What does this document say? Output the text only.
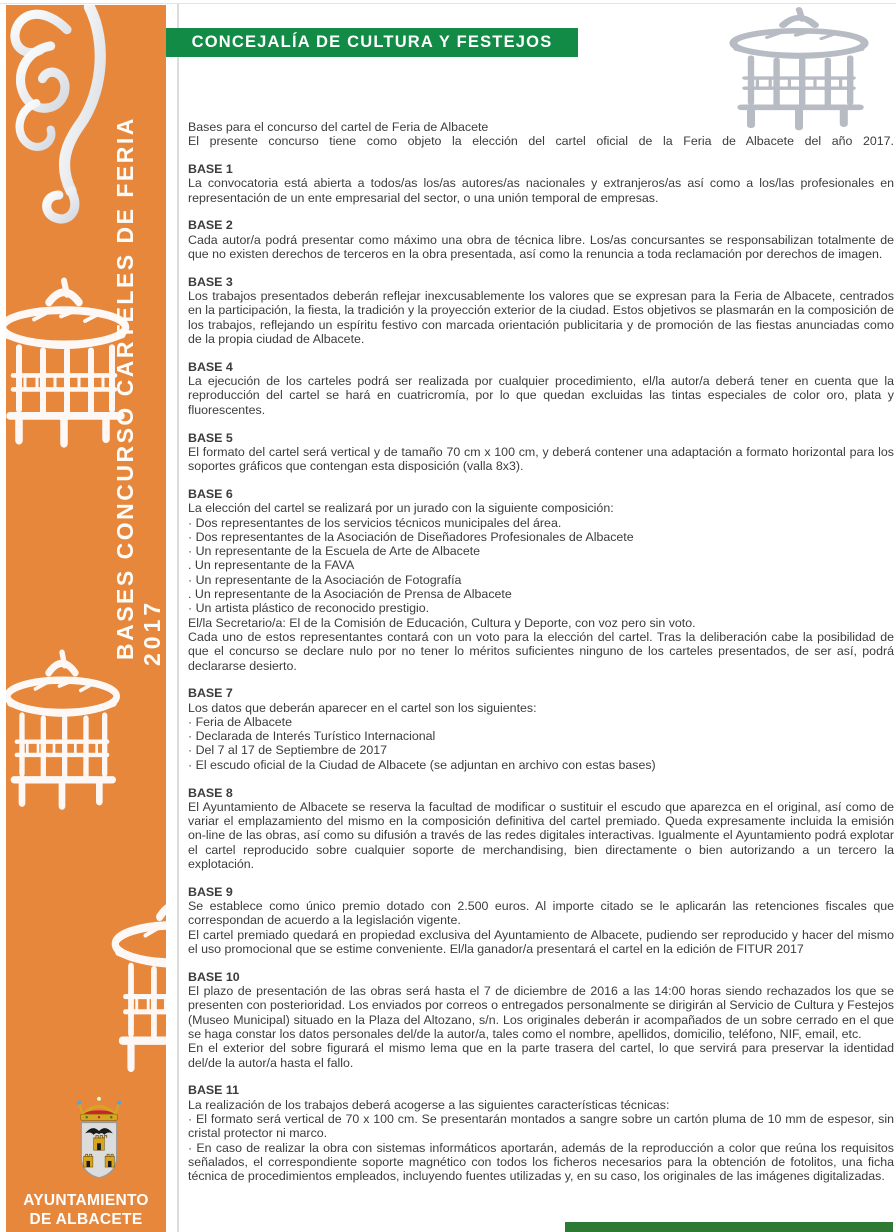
AYUNTAMIENTO
DE ALBACETE
BASES CONCURSO CARTELES DE FERIA 2017
CONCEJALÍA DE CULTURA Y FESTEJOS
Bases para el concurso del cartel de Feria de Albacete
El presente concurso tiene como objeto la elección del cartel oficial de la Feria de Albacete del año 2017.
BASE 1
La convocatoria está abierta a todos/as los/as autores/as nacionales y extranjeros/as así como a los/las profesionales en representación de un ente empresarial del sector, o una unión temporal de empresas.
BASE 2
Cada autor/a podrá presentar como máximo una obra de técnica libre. Los/as concursantes se responsabilizan totalmente de que no existen derechos de terceros en la obra presentada, así como la renuncia a toda reclamación por derechos de imagen.
BASE 3
Los trabajos presentados deberán reflejar inexcusablemente los valores que se expresan para la Feria de Albacete, centrados en la participación, la fiesta, la tradición y la proyección exterior de la ciudad. Estos objetivos se plasmarán en la composición de los trabajos, reflejando un espíritu festivo con marcada orientación publicitaria y de promoción de las fiestas anunciadas como de la propia ciudad de Albacete.
BASE 4
La ejecución de los carteles podrá ser realizada por cualquier procedimiento, el/la autor/a deberá tener en cuenta que la reproducción del cartel se hará en cuatricromía, por lo que quedan excluidas las tintas especiales de color oro, plata y fluorescentes.
BASE 5
El formato del cartel será vertical y de tamaño 70 cm x 100 cm, y deberá contener una adaptación a formato horizontal para los soportes gráficos que contengan esta disposición (valla 8x3).
BASE 6
La elección del cartel se realizará por un jurado con la siguiente composición:
· Dos representantes de los servicios técnicos municipales del área.
· Dos representantes de la Asociación de Diseñadores Profesionales de Albacete
· Un representante de la Escuela de Arte de Albacete
. Un representante de la FAVA
· Un representante de la Asociación de Fotografía
. Un representante de la Asociación de Prensa de Albacete
· Un artista plástico de reconocido prestigio.
El/la Secretario/a: El de la Comisión de Educación, Cultura y Deporte, con voz pero sin voto.
Cada uno de estos representantes contará con un voto para la elección del cartel. Tras la deliberación cabe la posibilidad de que el concurso se declare nulo por no tener lo méritos suficientes ninguno de los carteles presentados, de ser así, podrá declararse desierto.
BASE 7
Los datos que deberán aparecer en el cartel son los siguientes:
· Feria de Albacete
· Declarada de Interés Turístico Internacional
· Del 7 al 17 de Septiembre de 2017
· El escudo oficial de la Ciudad de Albacete (se adjuntan en archivo con estas bases)
BASE 8
El Ayuntamiento de Albacete se reserva la facultad de modificar o sustituir el escudo que aparezca en el original, así como de variar el emplazamiento del mismo en la composición definitiva del cartel premiado. Queda expresamente incluida la emisión on-line de las obras, así como su difusión a través de las redes digitales interactivas. Igualmente el Ayuntamiento podrá explotar el cartel reproducido sobre cualquier soporte de merchandising, bien directamente o bien autorizando a un tercero la explotación.
BASE 9
Se establece como único premio dotado con 2.500 euros. Al importe citado se le aplicarán las retenciones fiscales que correspondan de acuerdo a la legislación vigente.
El cartel premiado quedará en propiedad exclusiva del Ayuntamiento de Albacete, pudiendo ser reproducido y hacer del mismo el uso promocional que se estime conveniente. El/la ganador/a presentará el cartel en la edición de FITUR 2017
BASE 10
El plazo de presentación de las obras será hasta el 7 de diciembre de 2016 a las 14:00 horas siendo rechazados los que se presenten con posterioridad. Los enviados por correos o entregados personalmente se dirigirán al Servicio de Cultura y Festejos (Museo Municipal) situado en la Plaza del Altozano, s/n. Los originales deberán ir acompañados de un sobre cerrado en el que se haga constar los datos personales del/de la autor/a, tales como el nombre, apellidos, domicilio, teléfono, NIF, email, etc.
En el exterior del sobre figurará el mismo lema que en la parte trasera del cartel, lo que servirá para preservar la identidad del/de la autor/a hasta el fallo.
BASE 11
La realización de los trabajos deberá acogerse a las siguientes características técnicas:
· El formato será vertical de 70 x 100 cm. Se presentarán montados a sangre sobre un cartón pluma de 10 mm de espesor, sin cristal protector ni marco.
· En caso de realizar la obra con sistemas informáticos aportarán, además de la reproducción a color que reúna los requisitos señalados, el correspondiente soporte magnético con todos los ficheros necesarios para la obtención de fotolitos, una ficha técnica de procedimientos empleados, incluyendo fuentes utilizadas y, en su caso, los originales de las imágenes digitalizadas.
